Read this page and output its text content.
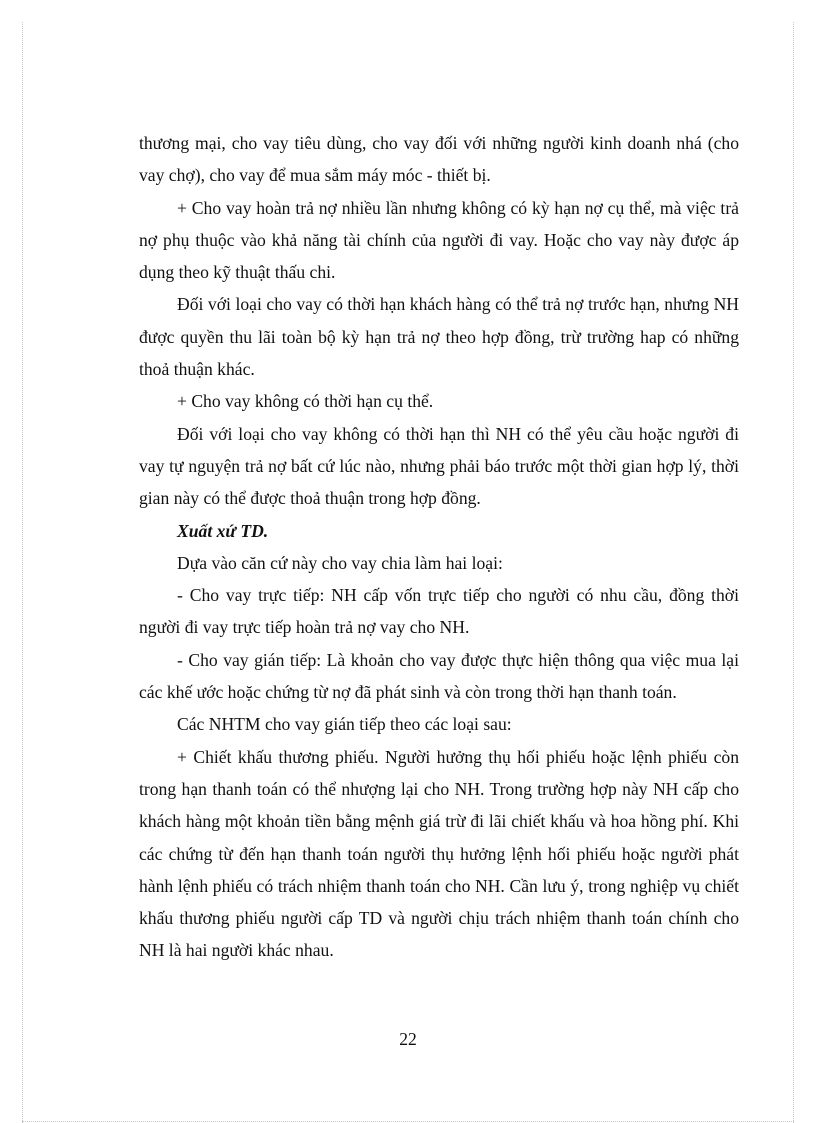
thương mại, cho vay tiêu dùng, cho vay đối với những người kinh doanh nhá (cho vay chợ), cho vay để mua sắm máy móc - thiết bị.

+ Cho vay hoàn trả nợ nhiều lần nhưng không có kỳ hạn nợ cụ thể, mà việc trả nợ phụ thuộc vào khả năng tài chính của người đi vay. Hoặc cho vay này được áp dụng theo kỹ thuật thấu chi.

Đối với loại cho vay có thời hạn khách hàng có thể trả nợ trước hạn, nhưng NH được quyền thu lãi toàn bộ kỳ hạn trả nợ theo hợp đồng, trừ trường hap có những thoả thuận khác.

+ Cho vay không có thời hạn cụ thể.

Đối với loại cho vay không có thời hạn thì NH có thể yêu cầu hoặc người đi vay tự nguyện trả nợ bất cứ lúc nào, nhưng phải báo trước một thời gian hợp lý, thời gian này có thể được thoả thuận trong hợp đồng.

Xuất xứ TD.

Dựa vào căn cứ này cho vay chia làm hai loại:

- Cho vay trực tiếp: NH cấp vốn trực tiếp cho người có nhu cầu, đồng thời người đi vay trực tiếp hoàn trả nợ vay cho NH.

- Cho vay gián tiếp: Là khoản cho vay được thực hiện thông qua việc mua lại các khế ước hoặc chứng từ nợ đã phát sinh và còn trong thời hạn thanh toán.

Các NHTM cho vay gián tiếp theo các loại sau:

+ Chiết khấu thương phiếu. Người hưởng thụ hối phiếu hoặc lệnh phiếu còn trong hạn thanh toán có thể nhượng lại cho NH. Trong trường hợp này NH cấp cho khách hàng một khoản tiền bằng mệnh giá trừ đi lãi chiết khấu và hoa hồng phí. Khi các chứng từ đến hạn thanh toán người thụ hưởng lệnh hối phiếu hoặc người phát hành lệnh phiếu có trách nhiệm thanh toán cho NH. Cần lưu ý, trong nghiệp vụ chiết khấu thương phiếu người cấp TD và người chịu trách nhiệm thanh toán chính cho NH là hai người khác nhau.

22
